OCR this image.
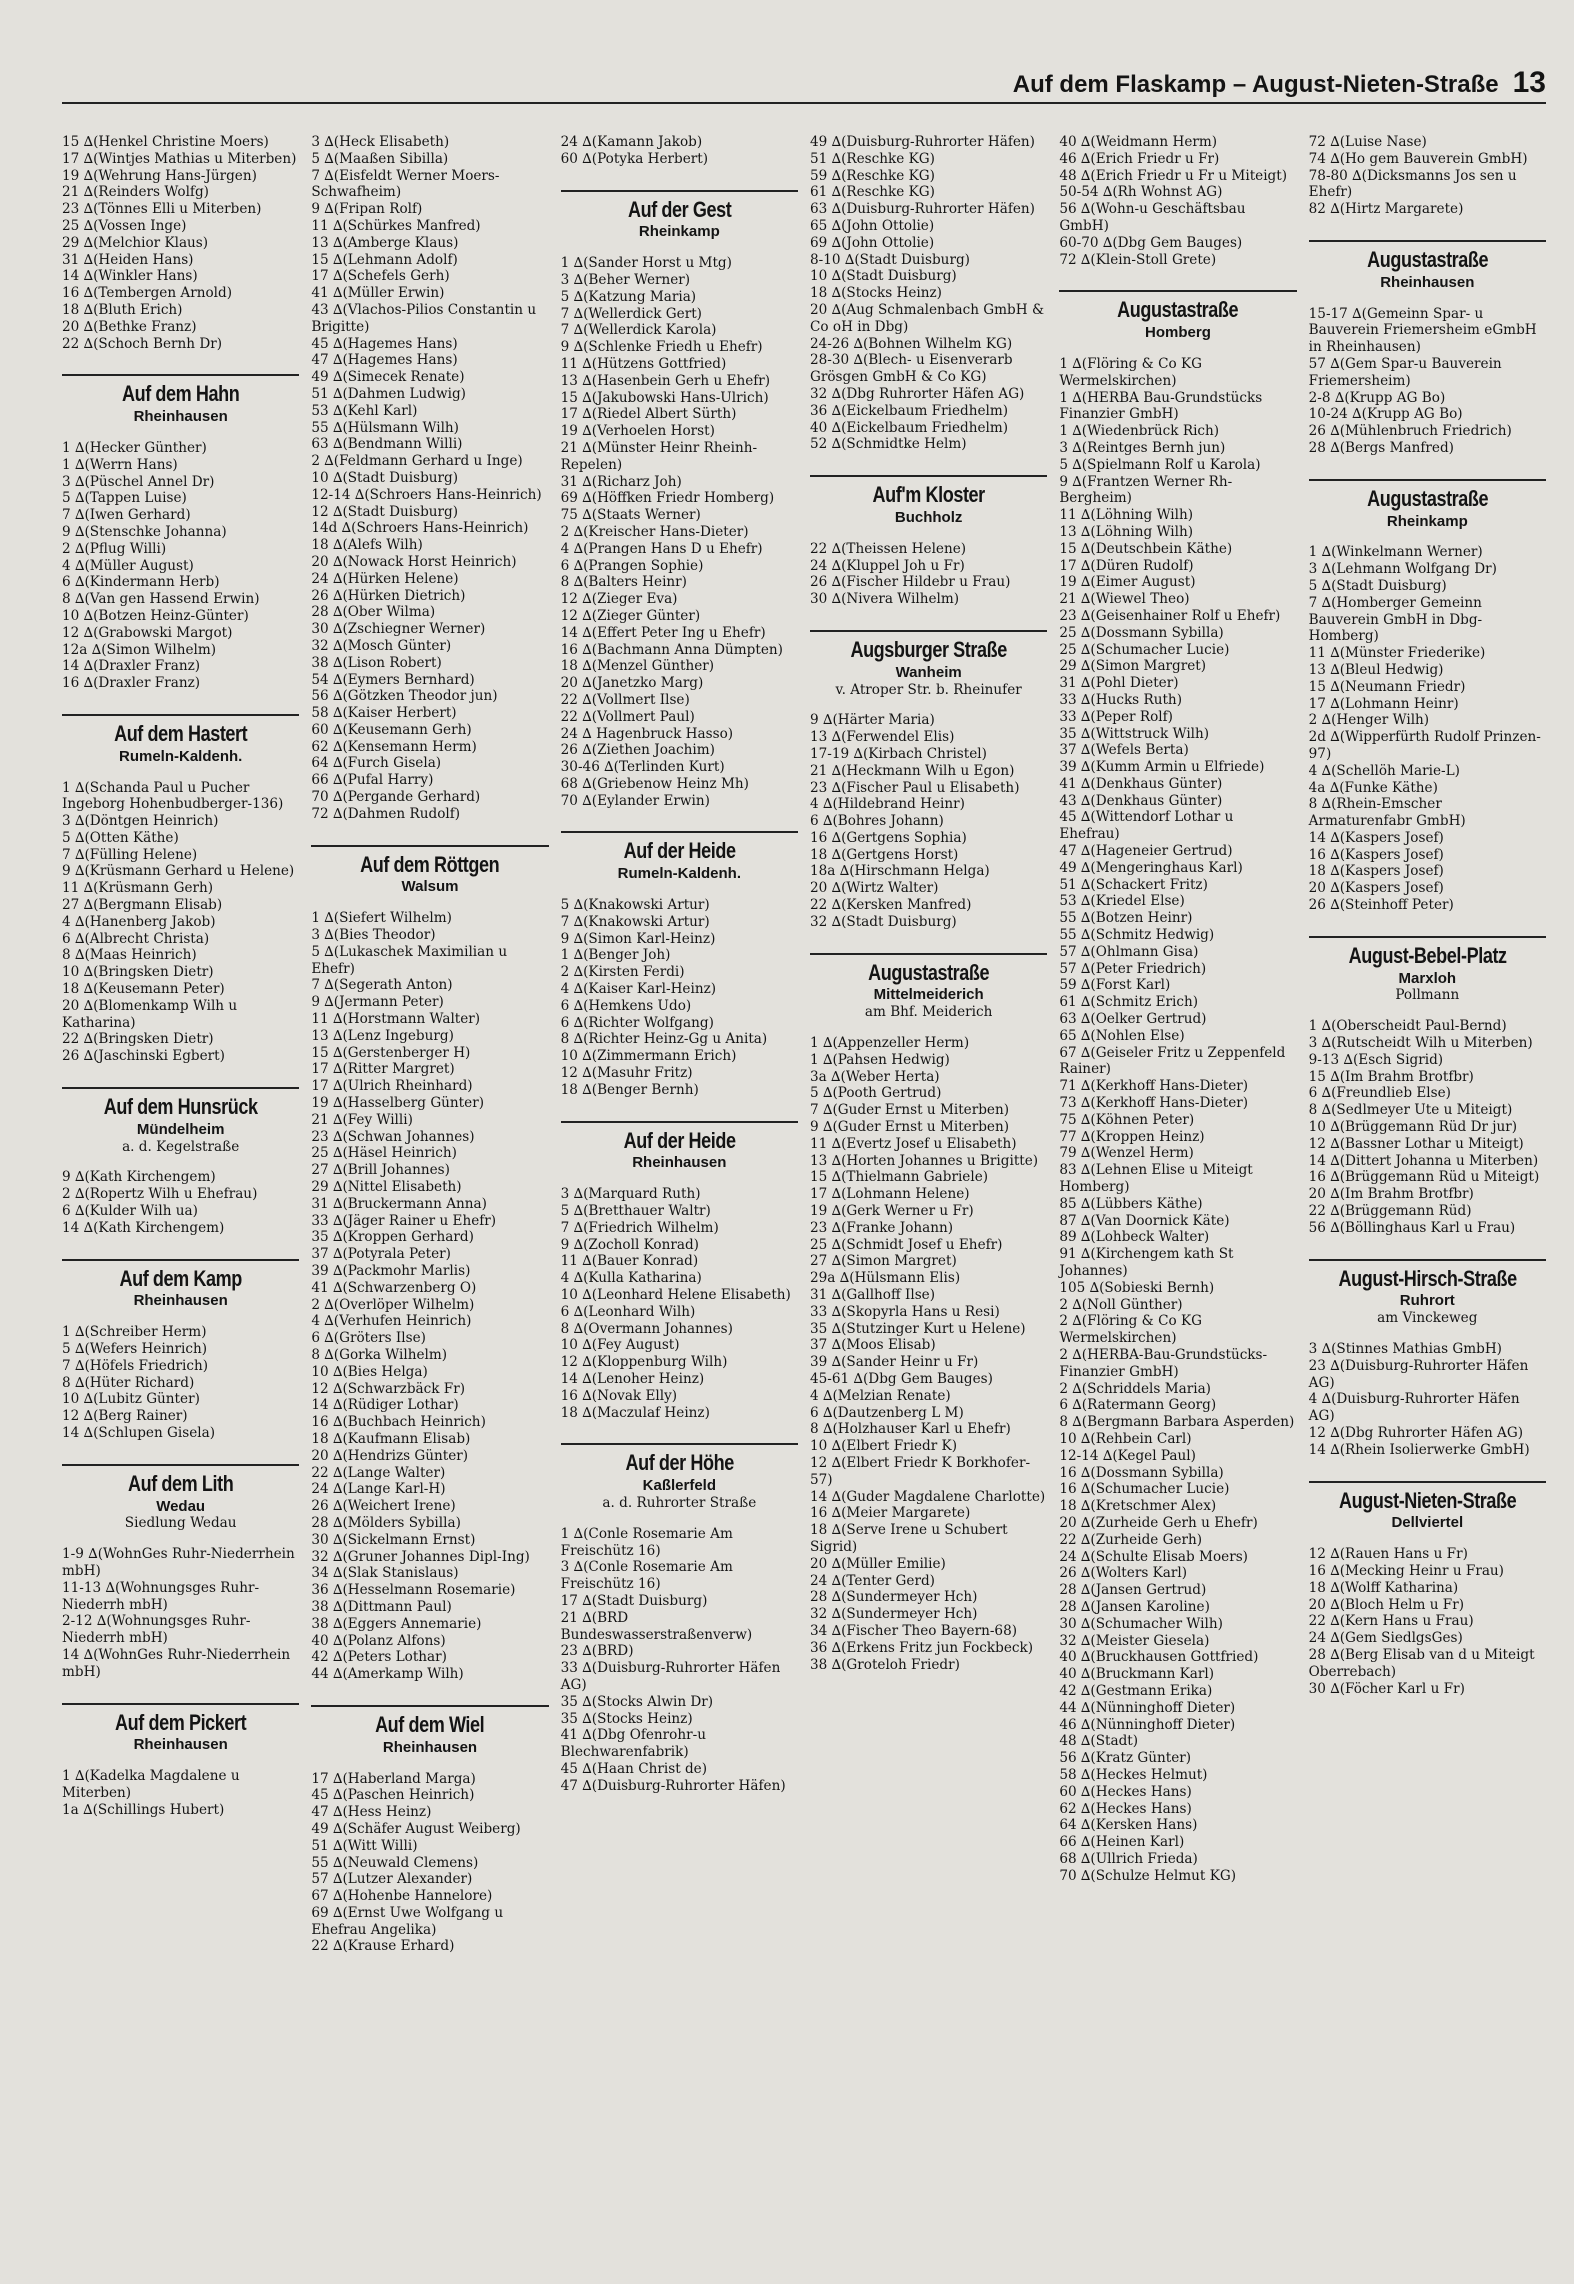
Auf dem Flaskamp – August-Nieten-Straße 13
15 ∆(Henkel Christine Moers)
17 ∆(Wintjes Mathias u Miterben)
19 ∆(Wehrung Hans-Jürgen)
21 ∆(Reinders Wolfg)
23 ∆(Tönnes Elli u Miterben)
25 ∆(Vossen Inge)
29 ∆(Melchior Klaus)
31 ∆(Heiden Hans)
14 ∆(Winkler Hans)
16 ∆(Tembergen Arnold)
18 ∆(Bluth Erich)
20 ∆(Bethke Franz)
22 ∆(Schoch Bernh Dr)
Auf dem Hahn
Rheinhausen
1 ∆(Hecker Günther)
1 ∆(Werrn Hans)
3 ∆(Püschel Annel Dr)
5 ∆(Tappen Luise)
7 ∆(Iwen Gerhard)
9 ∆(Stenschke Johanna)
2 ∆(Pflug Willi)
4 ∆(Müller August)
6 ∆(Kindermann Herb)
8 ∆(Van gen Hassend Erwin)
10 ∆(Botzen Heinz-Günter)
12 ∆(Grabowski Margot)
12a ∆(Simon Wilhelm)
14 ∆(Draxler Franz)
16 ∆(Draxler Franz)
Auf dem Hastert
Rumeln-Kaldenh.
1 ∆(Schanda Paul u Pucher Ingeborg Hohenbudberger-136)
3 ∆(Döntgen Heinrich)
5 ∆(Otten Käthe)
7 ∆(Fülling Helene)
9 ∆(Krüsmann Gerhard u Helene)
11 ∆(Krüsmann Gerh)
27 ∆(Bergmann Elisab)
4 ∆(Hanenberg Jakob)
6 ∆(Albrecht Christa)
8 ∆(Maas Heinrich)
10 ∆(Bringsken Dietr)
18 ∆(Keusemann Peter)
20 ∆(Blomenkamp Wilh u Katharina)
22 ∆(Bringsken Dietr)
26 ∆(Jaschinski Egbert)
Auf dem Hunsrück
Mündelheim
a. d. Kegelstraße
9 ∆(Kath Kirchengem)
2 ∆(Ropertz Wilh u Ehefrau)
6 ∆(Kulder Wilh ua)
14 ∆(Kath Kirchengem)
Auf dem Kamp
Rheinhausen
1 ∆(Schreiber Herm)
5 ∆(Wefers Heinrich)
7 ∆(Höfels Friedrich)
8 ∆(Hüter Richard)
10 ∆(Lubitz Günter)
12 ∆(Berg Rainer)
14 ∆(Schlupen Gisela)
Auf dem Lith
Wedau
Siedlung Wedau
1-9 ∆(WohnGes Ruhr-Niederrhein mbH)
11-13 ∆(Wohnungsges Ruhr-Niederrh mbH)
2-12 ∆(Wohnungsges Ruhr-Niederrh mbH)
14 ∆(WohnGes Ruhr-Niederrhein mbH)
Auf dem Pickert
Rheinhausen
1 ∆(Kadelka Magdalene u Miterben)
1a ∆(Schillings Hubert)
3 ∆(Heck Elisabeth)
5 ∆(Maaßen Sibilla)
7 ∆(Eisfeldt Werner Moers-Schwafheim)
9 ∆(Fripan Rolf)
11 ∆(Schürkes Manfred)
13 ∆(Amberge Klaus)
15 ∆(Lehmann Adolf)
17 ∆(Schefels Gerh)
41 ∆(Müller Erwin)
43 ∆(Vlachos-Pilios Constantin u Brigitte)
45 ∆(Hagemes Hans)
47 ∆(Hagemes Hans)
49 ∆(Simecek Renate)
51 ∆(Dahmen Ludwig)
53 ∆(Kehl Karl)
55 ∆(Hülsmann Wilh)
63 ∆(Bendmann Willi)
2 ∆(Feldmann Gerhard u Inge)
10 ∆(Stadt Duisburg)
12-14 ∆(Schroers Hans-Heinrich)
12 ∆(Stadt Duisburg)
14d ∆(Schroers Hans-Heinrich)
18 ∆(Alefs Wilh)
20 ∆(Nowack Horst Heinrich)
24 ∆(Hürken Helene)
26 ∆(Hürken Dietrich)
28 ∆(Ober Wilma)
30 ∆(Zschiegner Werner)
32 ∆(Mosch Günter)
38 ∆(Lison Robert)
54 ∆(Eymers Bernhard)
56 ∆(Götzken Theodor jun)
58 ∆(Kaiser Herbert)
60 ∆(Keusemann Gerh)
62 ∆(Kensemann Herm)
64 ∆(Furch Gisela)
66 ∆(Pufal Harry)
70 ∆(Pergande Gerhard)
72 ∆(Dahmen Rudolf)
Auf dem Röttgen
Walsum
1 ∆(Siefert Wilhelm)
3 ∆(Bies Theodor)
5 ∆(Lukaschek Maximilian u Ehefr)
7 ∆(Segerath Anton)
9 ∆(Jermann Peter)
11 ∆(Horstmann Walter)
13 ∆(Lenz Ingeburg)
15 ∆(Gerstenberger H)
17 ∆(Ritter Margret)
17 ∆(Ulrich Rheinhard)
19 ∆(Hasselberg Günter)
21 ∆(Fey Willi)
23 ∆(Schwan Johannes)
25 ∆(Häsel Heinrich)
27 ∆(Brill Johannes)
29 ∆(Nittel Elisabeth)
31 ∆(Bruckermann Anna)
33 ∆(Jäger Rainer u Ehefr)
35 ∆(Kroppen Gerhard)
37 ∆(Potyrala Peter)
39 ∆(Packmohr Marlis)
41 ∆(Schwarzenberg O)
2 ∆(Overlöper Wilhelm)
4 ∆(Verhufen Heinrich)
6 ∆(Gröters Ilse)
8 ∆(Gorka Wilhelm)
10 ∆(Bies Helga)
12 ∆(Schwarzbäck Fr)
14 ∆(Rüdiger Lothar)
16 ∆(Buchbach Heinrich)
18 ∆(Kaufmann Elisab)
20 ∆(Hendrizs Günter)
22 ∆(Lange Walter)
24 ∆(Lange Karl-H)
26 ∆(Weichert Irene)
28 ∆(Mölders Sybilla)
30 ∆(Sickelmann Ernst)
32 ∆(Gruner Johannes Dipl-Ing)
34 ∆(Slak Stanislaus)
36 ∆(Hesselmann Rosemarie)
38 ∆(Dittmann Paul)
38 ∆(Eggers Annemarie)
40 ∆(Polanz Alfons)
42 ∆(Peters Lothar)
44 ∆(Amerkamp Wilh)
Auf dem Wiel
Rheinhausen
17 ∆(Haberland Marga)
45 ∆(Paschen Heinrich)
47 ∆(Hess Heinz)
49 ∆(Schäfer August Weiberg)
51 ∆(Witt Willi)
55 ∆(Neuwald Clemens)
57 ∆(Lutzer Alexander)
67 ∆(Hohenbe Hannelore)
69 ∆(Ernst Uwe Wolfgang u Ehefrau Angelika)
22 ∆(Krause Erhard)
24 ∆(Kamann Jakob)
60 ∆(Potyka Herbert)
Auf der Gest
Rheinkamp
1 ∆(Sander Horst u Mtg)
3 ∆(Beher Werner)
5 ∆(Katzung Maria)
7 ∆(Wellerdick Gert)
7 ∆(Wellerdick Karola)
9 ∆(Schlenke Friedh u Ehefr)
11 ∆(Hützens Gottfried)
13 ∆(Hasenbein Gerh u Ehefr)
15 ∆(Jakubowski Hans-Ulrich)
17 ∆(Riedel Albert Sürth)
19 ∆(Verhoelen Horst)
21 ∆(Münster Heinr Rheinh-Repelen)
31 ∆(Richarz Joh)
69 ∆(Höffken Friedr Homberg)
75 ∆(Staats Werner)
2 ∆(Kreischer Hans-Dieter)
4 ∆(Prangen Hans D u Ehefr)
6 ∆(Prangen Sophie)
8 ∆(Balters Heinr)
12 ∆(Zieger Eva)
12 ∆(Zieger Günter)
14 ∆(Effert Peter Ing u Ehefr)
16 ∆(Bachmann Anna Dümpten)
18 ∆(Menzel Günther)
20 ∆(Janetzko Marg)
22 ∆(Vollmert Ilse)
22 ∆(Vollmert Paul)
24 ∆ Hagenbruck Hasso)
26 ∆(Ziethen Joachim)
30-46 ∆(Terlinden Kurt)
68 ∆(Griebenow Heinz Mh)
70 ∆(Eylander Erwin)
Auf der Heide
Rumeln-Kaldenh.
5 ∆(Knakowski Artur)
7 ∆(Knakowski Artur)
9 ∆(Simon Karl-Heinz)
1 ∆(Benger Joh)
2 ∆(Kirsten Ferdi)
4 ∆(Kaiser Karl-Heinz)
6 ∆(Hemkens Udo)
6 ∆(Richter Wolfgang)
8 ∆(Richter Heinz-Gg u Anita)
10 ∆(Zimmermann Erich)
12 ∆(Masuhr Fritz)
18 ∆(Benger Bernh)
Auf der Heide
Rheinhausen
3 ∆(Marquard Ruth)
5 ∆(Bretthauer Waltr)
7 ∆(Friedrich Wilhelm)
9 ∆(Zocholl Konrad)
11 ∆(Bauer Konrad)
4 ∆(Kulla Katharina)
10 ∆(Leonhard Helene Elisabeth)
6 ∆(Leonhard Wilh)
8 ∆(Overmann Johannes)
10 ∆(Fey August)
12 ∆(Kloppenburg Wilh)
14 ∆(Lenoher Heinz)
16 ∆(Novak Elly)
18 ∆(Maczulaf Heinz)
Auf der Höhe
Kaßlerfeld
a. d. Ruhrorter Straße
1 ∆(Conle Rosemarie Am Freischütz 16)
3 ∆(Conle Rosemarie Am Freischütz 16)
17 ∆(Stadt Duisburg)
21 ∆(BRD Bundeswasserstraßenverw)
23 ∆(BRD)
33 ∆(Duisburg-Ruhrorter Häfen AG)
35 ∆(Stocks Alwin Dr)
35 ∆(Stocks Heinz)
41 ∆(Dbg Ofenrohr-u Blechwarenfabrik)
45 ∆(Haan Christ de)
47 ∆(Duisburg-Ruhrorter Häfen)
49 ∆(Duisburg-Ruhrorter Häfen)
51 ∆(Reschke KG)
59 ∆(Reschke KG)
61 ∆(Reschke KG)
63 ∆(Duisburg-Ruhrorter Häfen)
65 ∆(John Ottolie)
69 ∆(John Ottolie)
8-10 ∆(Stadt Duisburg)
10 ∆(Stadt Duisburg)
18 ∆(Stocks Heinz)
20 ∆(Aug Schmalenbach GmbH & Co oH in Dbg)
24-26 ∆(Bohnen Wilhelm KG)
28-30 ∆(Blech- u Eisenverarb Grösgen GmbH & Co KG)
32 ∆(Dbg Ruhrorter Häfen AG)
36 ∆(Eickelbaum Friedhelm)
40 ∆(Eickelbaum Friedhelm)
52 ∆(Schmidtke Helm)
Auf'm Kloster
Buchholz
22 ∆(Theissen Helene)
24 ∆(Kluppel Joh u Fr)
26 ∆(Fischer Hildebr u Frau)
30 ∆(Nivera Wilhelm)
Augsburger Straße
Wanheim
v. Atroper Str. b. Rheinufer
9 ∆(Härter Maria)
13 ∆(Ferwendel Elis)
17-19 ∆(Kirbach Christel)
21 ∆(Heckmann Wilh u Egon)
23 ∆(Fischer Paul u Elisabeth)
4 ∆(Hildebrand Heinr)
6 ∆(Bohres Johann)
16 ∆(Gertgens Sophia)
18 ∆(Gertgens Horst)
18a ∆(Hirschmann Helga)
20 ∆(Wirtz Walter)
22 ∆(Kersken Manfred)
32 ∆(Stadt Duisburg)
Augustastraße
Mittelmeiderich
am Bhf. Meiderich
1 ∆(Appenzeller Herm)
1 ∆(Pahsen Hedwig)
3a ∆(Weber Herta)
5 ∆(Pooth Gertrud)
7 ∆(Guder Ernst u Miterben)
9 ∆(Guder Ernst u Miterben)
11 ∆(Evertz Josef u Elisabeth)
13 ∆(Horten Johannes u Brigitte)
15 ∆(Thielmann Gabriele)
17 ∆(Lohmann Helene)
19 ∆(Gerk Werner u Fr)
23 ∆(Franke Johann)
25 ∆(Schmidt Josef u Ehefr)
27 ∆(Simon Margret)
29a ∆(Hülsmann Elis)
31 ∆(Gallhoff Ilse)
33 ∆(Skopyrla Hans u Resi)
35 ∆(Stutzinger Kurt u Helene)
37 ∆(Moos Elisab)
39 ∆(Sander Heinr u Fr)
45-61 ∆(Dbg Gem Bauges)
4 ∆(Melzian Renate)
6 ∆(Dautzenberg L M)
8 ∆(Holzhauser Karl u Ehefr)
10 ∆(Elbert Friedr K)
12 ∆(Elbert Friedr K Borkhofer-57)
14 ∆(Guder Magdalene Charlotte)
16 ∆(Meier Margarete)
18 ∆(Serve Irene u Schubert Sigrid)
20 ∆(Müller Emilie)
24 ∆(Tenter Gerd)
28 ∆(Sundermeyer Hch)
32 ∆(Sundermeyer Hch)
34 ∆(Fischer Theo Bayern-68)
36 ∆(Erkens Fritz jun Fockbeck)
38 ∆(Groteloh Friedr)
40 ∆(Weidmann Herm)
46 ∆(Erich Friedr u Fr)
48 ∆(Erich Friedr u Fr u Miteigt)
50-54 ∆(Rh Wohnst AG)
56 ∆(Wohn-u Geschäftsbau GmbH)
60-70 ∆(Dbg Gem Bauges)
72 ∆(Klein-Stoll Grete)
Augustastraße
Homberg
1 ∆(Flöring & Co KG Wermelskirchen)
1 ∆(HERBA Bau-Grundstücks Finanzier GmbH)
1 ∆(Wiedenbrück Rich)
3 ∆(Reintges Bernh jun)
5 ∆(Spielmann Rolf u Karola)
9 ∆(Frantzen Werner Rh-Bergheim)
11 ∆(Löhning Wilh)
13 ∆(Löhning Wilh)
15 ∆(Deutschbein Käthe)
17 ∆(Düren Rudolf)
19 ∆(Eimer August)
21 ∆(Wiewel Theo)
23 ∆(Geisenhainer Rolf u Ehefr)
25 ∆(Dossmann Sybilla)
25 ∆(Schumacher Lucie)
29 ∆(Simon Margret)
31 ∆(Pohl Dieter)
33 ∆(Hucks Ruth)
33 ∆(Peper Rolf)
35 ∆(Wittstruck Wilh)
37 ∆(Wefels Berta)
39 ∆(Kumm Armin u Elfriede)
41 ∆(Denkhaus Günter)
43 ∆(Denkhaus Günter)
45 ∆(Wittendorf Lothar u Ehefrau)
47 ∆(Hageneier Gertrud)
49 ∆(Mengeringhaus Karl)
51 ∆(Schackert Fritz)
53 ∆(Kriedel Else)
55 ∆(Botzen Heinr)
55 ∆(Schmitz Hedwig)
57 ∆(Ohlmann Gisa)
57 ∆(Peter Friedrich)
59 ∆(Forst Karl)
61 ∆(Schmitz Erich)
63 ∆(Oelker Gertrud)
65 ∆(Nohlen Else)
67 ∆(Geiseler Fritz u Zeppenfeld Rainer)
71 ∆(Kerkhoff Hans-Dieter)
73 ∆(Kerkhoff Hans-Dieter)
75 ∆(Köhnen Peter)
77 ∆(Kroppen Heinz)
79 ∆(Wenzel Herm)
83 ∆(Lehnen Elise u Miteigt Homberg)
85 ∆(Lübbers Käthe)
87 ∆(Van Doornick Käte)
89 ∆(Lohbeck Walter)
91 ∆(Kirchengem kath St Johannes)
105 ∆(Sobieski Bernh)
2 ∆(Noll Günther)
2 ∆(Flöring & Co KG Wermelskirchen)
2 ∆(HERBA-Bau-Grundstücks-Finanzier GmbH)
2 ∆(Schriddels Maria)
6 ∆(Ratermann Georg)
8 ∆(Bergmann Barbara Asperden)
10 ∆(Rehbein Carl)
12-14 ∆(Kegel Paul)
16 ∆(Dossmann Sybilla)
16 ∆(Schumacher Lucie)
18 ∆(Kretschmer Alex)
20 ∆(Zurheide Gerh u Ehefr)
22 ∆(Zurheide Gerh)
24 ∆(Schulte Elisab Moers)
26 ∆(Wolters Karl)
28 ∆(Jansen Gertrud)
28 ∆(Jansen Karoline)
30 ∆(Schumacher Wilh)
32 ∆(Meister Giesela)
40 ∆(Bruckhausen Gottfried)
40 ∆(Bruckmann Karl)
42 ∆(Gestmann Erika)
44 ∆(Nünninghoff Dieter)
46 ∆(Nünninghoff Dieter)
48 ∆(Stadt)
56 ∆(Kratz Günter)
58 ∆(Heckes Helmut)
60 ∆(Heckes Hans)
62 ∆(Heckes Hans)
64 ∆(Kersken Hans)
66 ∆(Heinen Karl)
68 ∆(Ullrich Frieda)
70 ∆(Schulze Helmut KG)
72 ∆(Luise Nase)
74 ∆(Ho gem Bauverein GmbH)
78-80 ∆(Dicksmanns Jos sen u Ehefr)
82 ∆(Hirtz Margarete)
Augustastraße
Rheinhausen
15-17 ∆(Gemeinn Spar- u Bauverein Friemersheim eGmbH in Rheinhausen)
57 ∆(Gem Spar-u Bauverein Friemersheim)
2-8 ∆(Krupp AG Bo)
10-24 ∆(Krupp AG Bo)
26 ∆(Mühlenbruch Friedrich)
28 ∆(Bergs Manfred)
Augustastraße
Rheinkamp
1 ∆(Winkelmann Werner)
3 ∆(Lehmann Wolfgang Dr)
5 ∆(Stadt Duisburg)
7 ∆(Homberger Gemeinn Bauverein GmbH in Dbg-Homberg)
11 ∆(Münster Friederike)
13 ∆(Bleul Hedwig)
15 ∆(Neumann Friedr)
17 ∆(Lohmann Heinr)
2 ∆(Henger Wilh)
2d ∆(Wipperfürth Rudolf Prinzen-97)
4 ∆(Schellöh Marie-L)
4a ∆(Funke Käthe)
8 ∆(Rhein-Emscher Armaturenfabr GmbH)
14 ∆(Kaspers Josef)
16 ∆(Kaspers Josef)
18 ∆(Kaspers Josef)
20 ∆(Kaspers Josef)
26 ∆(Steinhoff Peter)
August-Bebel-Platz
Marxloh
Pollmann
1 ∆(Oberscheidt Paul-Bernd)
3 ∆(Rutscheidt Wilh u Miterben)
9-13 ∆(Esch Sigrid)
15 ∆(Im Brahm Brotfbr)
6 ∆(Freundlieb Else)
8 ∆(Sedlmeyer Ute u Miteigt)
10 ∆(Brüggemann Rüd Dr jur)
12 ∆(Bassner Lothar u Miteigt)
14 ∆(Dittert Johanna u Miterben)
16 ∆(Brüggemann Rüd u Miteigt)
20 ∆(Im Brahm Brotfbr)
22 ∆(Brüggemann Rüd)
56 ∆(Böllinghaus Karl u Frau)
August-Hirsch-Straße
Ruhrort
am Vinckeweg
3 ∆(Stinnes Mathias GmbH)
23 ∆(Duisburg-Ruhrorter Häfen AG)
4 ∆(Duisburg-Ruhrorter Häfen AG)
12 ∆(Dbg Ruhrorter Häfen AG)
14 ∆(Rhein Isolierwerke GmbH)
August-Nieten-Straße
Dellviertel
12 ∆(Rauen Hans u Fr)
16 ∆(Mecking Heinr u Frau)
18 ∆(Wolff Katharina)
20 ∆(Bloch Helm u Fr)
22 ∆(Kern Hans u Frau)
24 ∆(Gem SiedlgsGes)
28 ∆(Berg Elisab van d u Miteigt Oberrebach)
30 ∆(Föcher Karl u Fr)
